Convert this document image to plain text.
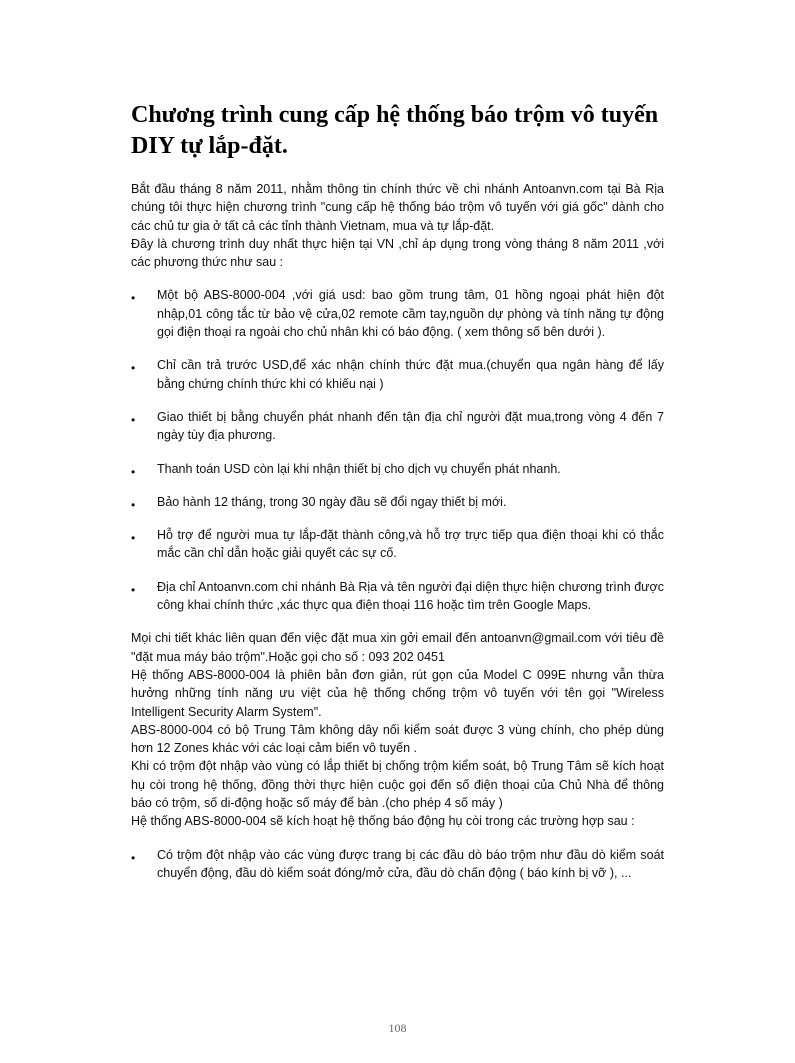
Chương trình cung cấp hệ thống báo trộm vô tuyến DIY tự lắp-đặt.

Bắt đầu tháng 8 năm 2011, nhằm thông tin chính thức về chi nhánh Antoanvn.com tại Bà Rịa chúng tôi thực hiện chương trình "cung cấp hệ thống báo trộm vô tuyến với giá gốc" dành cho các chủ tư gia ở tất cả các tỉnh thành Vietnam, mua và tự lắp-đặt.

Đây là chương trình duy nhất thực hiện tại VN ,chỉ áp dụng trong vòng tháng 8 năm 2011 ,với các phương thức như sau :

• Một bộ ABS-8000-004 ,với giá usd: bao gồm trung tâm, 01 hồng ngoại phát hiện đột nhập,01 công tắc từ bảo vệ cửa,02 remote cầm tay,nguồn dự phòng và tính năng tự động gọi điện thoại ra ngoài cho chủ nhân khi có báo động. ( xem thông số bên dưới ).
• Chỉ cần trả trước USD,để xác nhận chính thức đặt mua.(chuyển qua ngân hàng để lấy bằng chứng chính thức khi có khiếu nại )
• Giao thiết bị bằng chuyển phát nhanh đến tận địa chỉ người đặt mua,trong vòng 4 đến 7 ngày tùy địa phương.
• Thanh toán USD còn lại khi nhận thiết bị cho dịch vụ chuyển phát nhanh.
• Bảo hành 12 tháng, trong 30 ngày đầu sẽ đổi ngay thiết bị mới.
• Hỗ trợ để người mua tự lắp-đặt thành công,và hỗ trợ trực tiếp qua điện thoại khi có thắc mắc cần chỉ dẫn hoặc giải quyết các sự cố.
• Địa chỉ Antoanvn.com chi nhánh Bà Rịa và tên người đại diện thực hiện chương trình được công khai chính thức ,xác thực qua điện thoại 116 hoặc tìm trên Google Maps.

Mọi chi tiết khác liên quan đến việc đặt mua xin gởi email đến antoanvn@gmail.com với tiêu đề "đặt mua máy báo trộm".Hoặc gọi cho số : 093 202 0451

Hệ thống ABS-8000-004 là phiên bản đơn giản, rút gọn của Model C 099E nhưng vẫn thừa hưởng những tính năng ưu việt của hệ thống chống trộm vô tuyến với tên gọi "Wireless Intelligent Security Alarm System".

ABS-8000-004 có bộ Trung Tâm không dây nối kiểm soát được 3 vùng chính, cho phép dùng hơn 12 Zones khác với các loại cảm biến vô tuyến .

Khi có trộm đột nhập vào vùng có lắp thiết bị chống trộm kiểm soát, bộ Trung Tâm sẽ kích hoạt hụ còi trong hệ thống, đồng thời thực hiện cuộc gọi đến số điện thoại của Chủ Nhà để thông báo có trộm, số di-động hoặc số máy để bàn .(cho phép 4 số máy )

Hệ thống ABS-8000-004 sẽ kích hoạt hệ thống báo động hụ còi trong các trường hợp sau :

• Có trộm đột nhập vào các vùng được trang bị các đầu dò báo trộm như đầu dò kiểm soát chuyển động, đầu dò kiểm soát đóng/mở cửa, đầu dò chấn động ( báo kính bị vỡ ), ...
108
